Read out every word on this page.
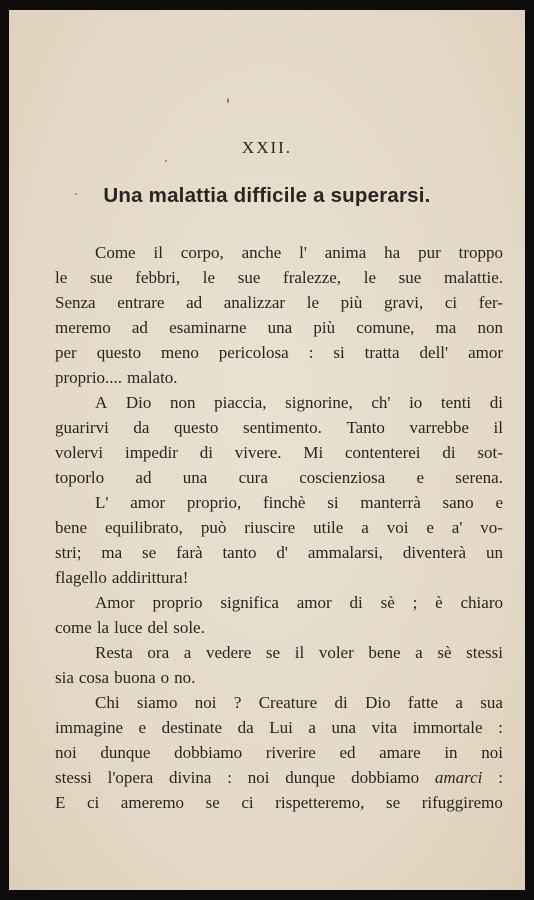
XXII.
Una malattia difficile a superarsi.
Come il corpo, anche l' anima ha pur troppo
le sue febbri, le sue fralezze, le sue malattie.
Senza entrare ad analizzar le più gravi, ci fer-
meremo ad esaminarne una più comune, ma non
per questo meno pericolosa : si tratta dell' amor
proprio.... malato.
A Dio non piaccia, signorine, ch' io tenti di
guarirvi da questo sentimento. Tanto varrebbe il
volervi impedir di vivere. Mi contenterei di sot-
toporlo ad una cura coscienziosa e serena.
L' amor proprio, finchè si manterrà sano e
bene equilibrato, può riuscire utile a voi e a' vo-
stri; ma se farà tanto d' ammalarsi, diventerà un
flagello addirittura!
Amor proprio significa amor di sè ; è chiaro
come la luce del sole.
Resta ora a vedere se il voler bene a sè stessi
sia cosa buona o no.
Chi siamo noi ? Creature di Dio fatte a sua
immagine e destinate da Lui a una vita immortale :
noi dunque dobbiamo riverire ed amare in noi
stessi l'opera divina : noi dunque dobbiamo amarci :
E ci ameremo se ci rispetteremo, se rifuggiremo
